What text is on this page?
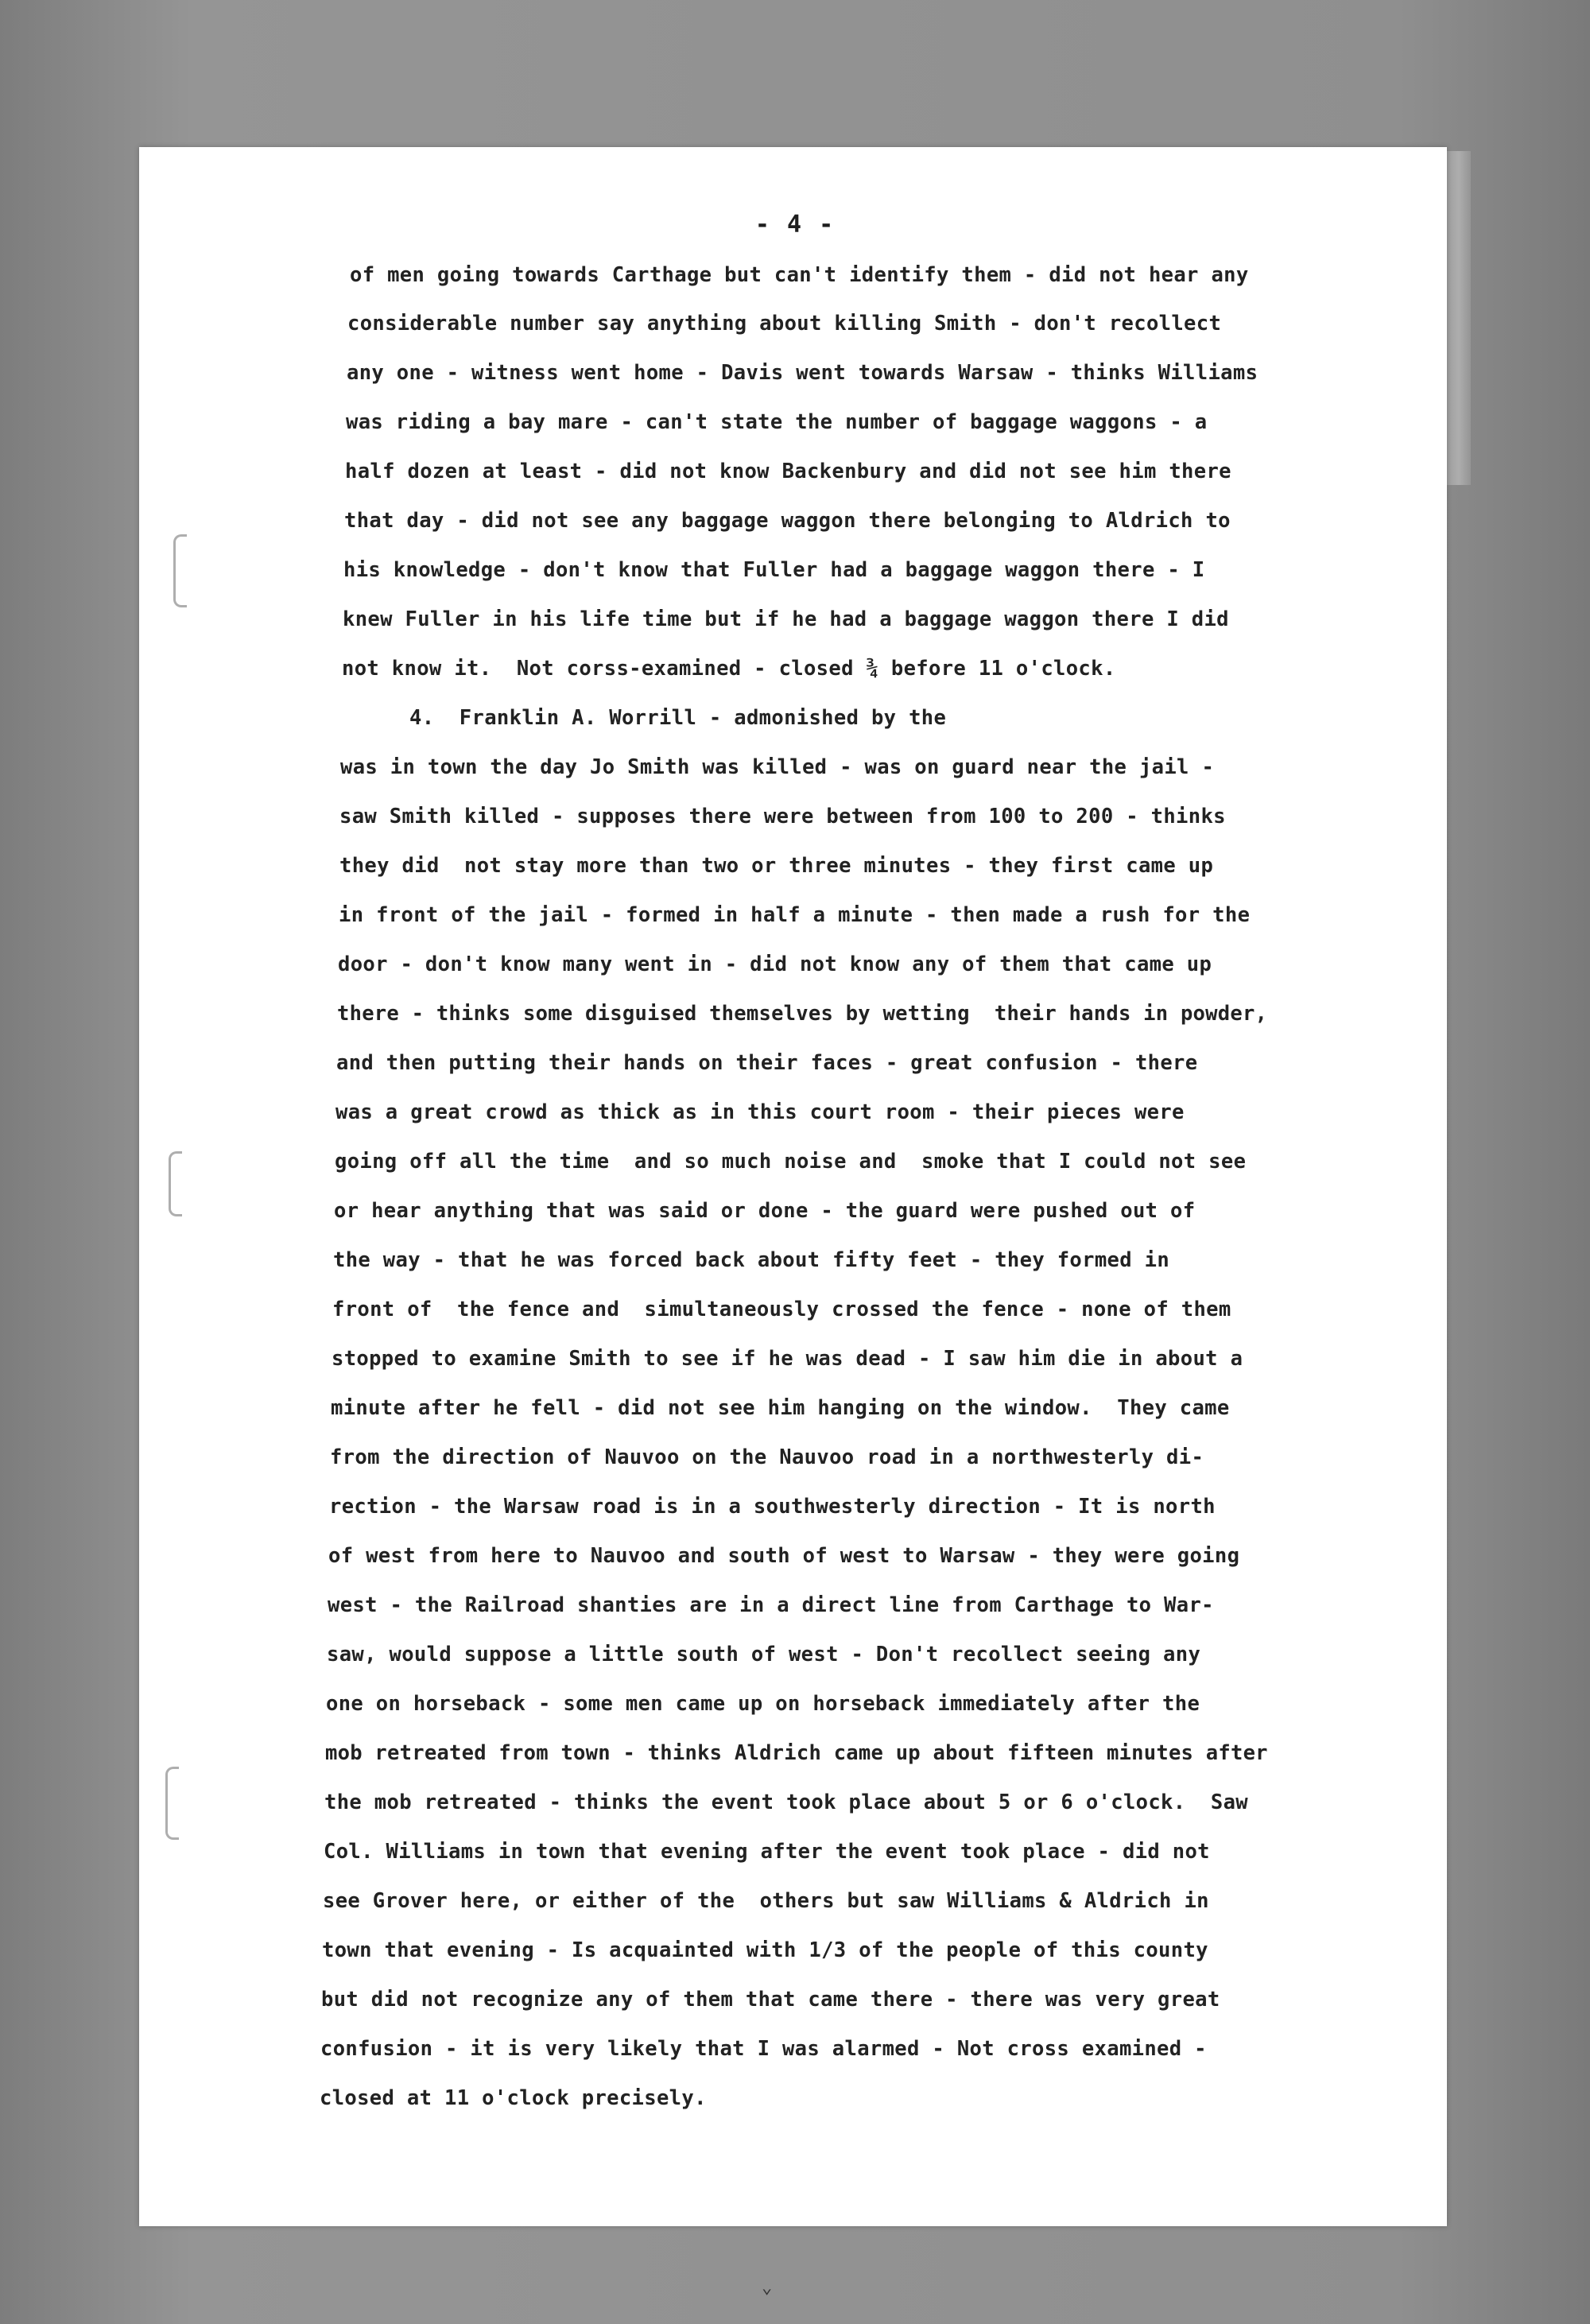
- 4 -
of men going towards Carthage but can't identify them - did not hear any
considerable number say anything about killing Smith - don't recollect
any one - witness went home - Davis went towards Warsaw - thinks Williams
was riding a bay mare - can't state the number of baggage waggons - a
half dozen at least - did not know Backenbury and did not see him there
that day - did not see any baggage waggon there belonging to Aldrich to
his knowledge - don't know that Fuller had a baggage waggon there - I
knew Fuller in his life time but if he had a baggage waggon there I did
not know it.  Not corss-examined - closed ¾ before 11 o'clock.
4.  Franklin A. Worrill - admonished by the
was in town the day Jo Smith was killed - was on guard near the jail -
saw Smith killed - supposes there were between from 100 to 200 - thinks
they did  not stay more than two or three minutes - they first came up
in front of the jail - formed in half a minute - then made a rush for the
door - don't know many went in - did not know any of them that came up
there - thinks some disguised themselves by wetting  their hands in powder,
and then putting their hands on their faces - great confusion - there
was a great crowd as thick as in this court room - their pieces were
going off all the time  and so much noise and  smoke that I could not see
or hear anything that was said or done - the guard were pushed out of
the way - that he was forced back about fifty feet - they formed in
front of  the fence and  simultaneously crossed the fence - none of them
stopped to examine Smith to see if he was dead - I saw him die in about a
minute after he fell - did not see him hanging on the window.  They came
from the direction of Nauvoo on the Nauvoo road in a northwesterly di-
rection - the Warsaw road is in a southwesterly direction - It is north
of west from here to Nauvoo and south of west to Warsaw - they were going
west - the Railroad shanties are in a direct line from Carthage to War-
saw, would suppose a little south of west - Don't recollect seeing any
one on horseback - some men came up on horseback immediately after the
mob retreated from town - thinks Aldrich came up about fifteen minutes after
the mob retreated - thinks the event took place about 5 or 6 o'clock.  Saw
Col. Williams in town that evening after the event took place - did not
see Grover here, or either of the  others but saw Williams & Aldrich in
town that evening - Is acquainted with 1/3 of the people of this county
but did not recognize any of them that came there - there was very great
confusion - it is very likely that I was alarmed - Not cross examined -
closed at 11 o'clock precisely.
⌄
